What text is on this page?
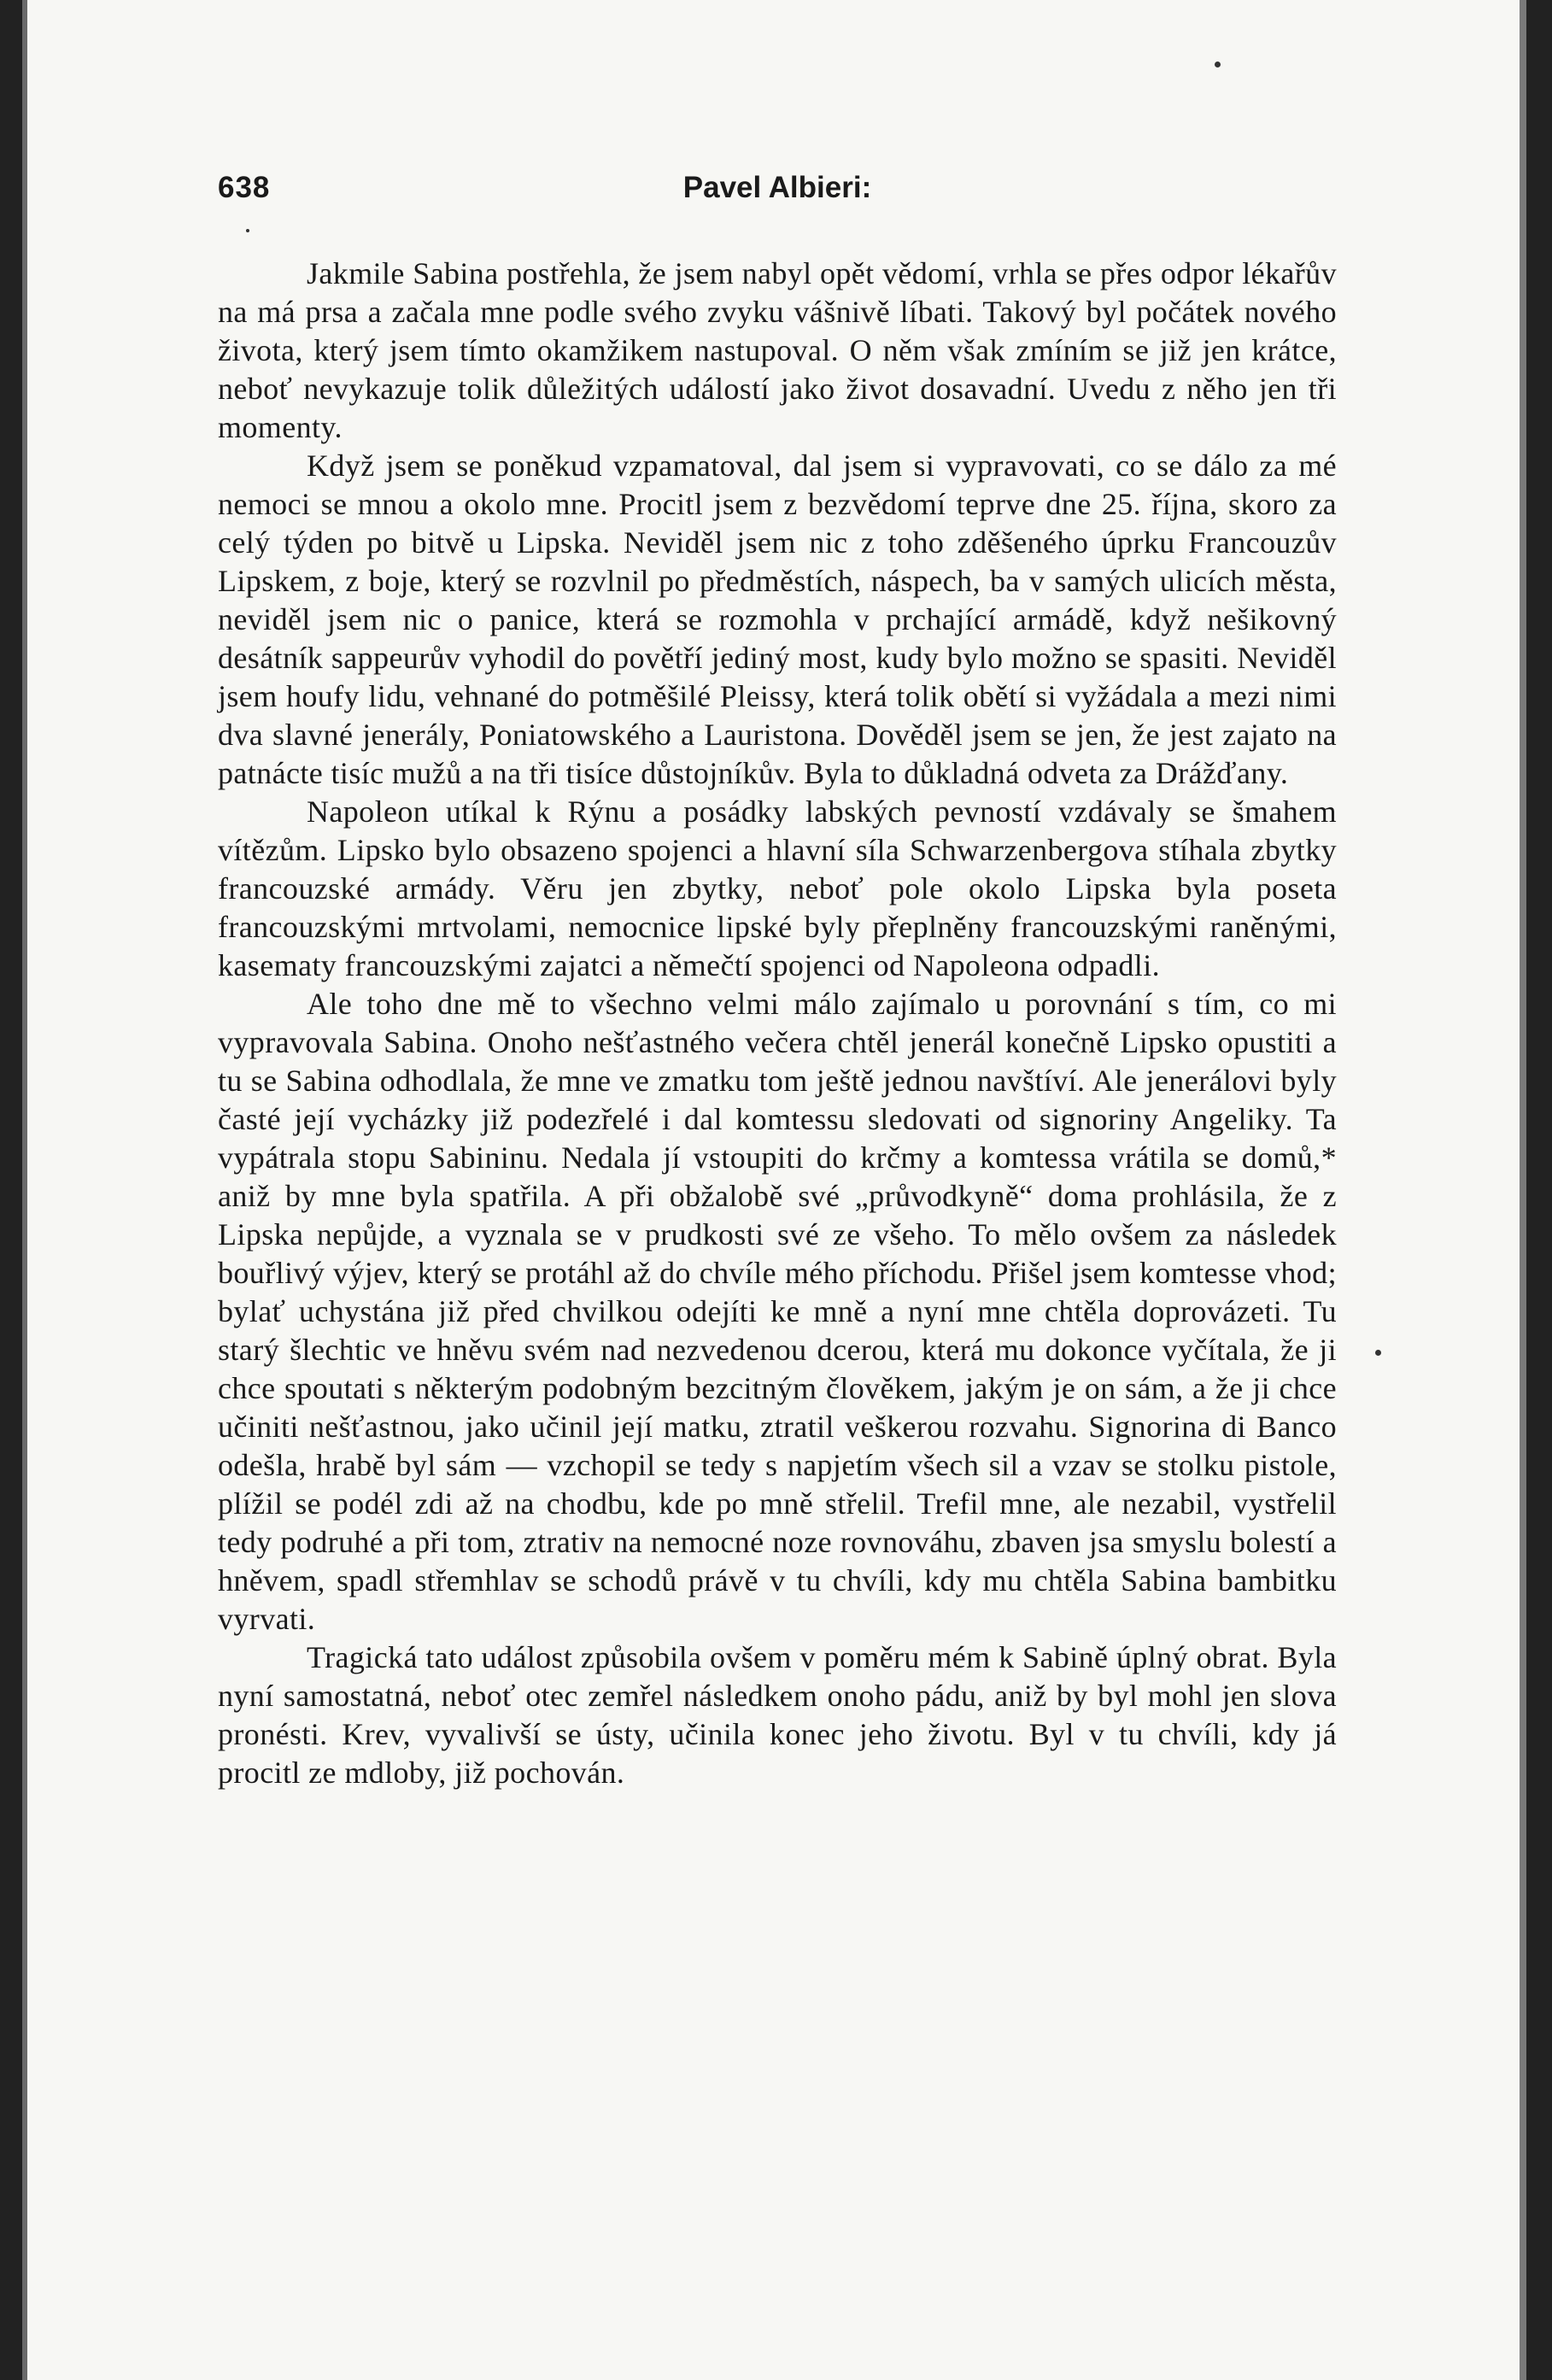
638	Pavel Albieri:

Jakmile Sabina postřehla, že jsem nabyl opět vědomí, vrhla se přes odpor lékařův na má prsa a začala mne podle svého zvyku vášnivě líbati. Takový byl počátek nového života, který jsem tímto okamžikem nastupoval. O něm však zmíním se již jen krátce, neboť nevykazuje tolik důležitých událostí jako život dosavadní. Uvedu z něho jen tři momenty.

Když jsem se poněkud vzpamatoval, dal jsem si vypravovati, co se dálo za mé nemoci se mnou a okolo mne. Procitl jsem z bezvědomí teprve dne 25. října, skoro za celý týden po bitvě u Lipska. Neviděl jsem nic z toho zděšeného úprku Francouzův Lipskem, z boje, který se rozvlnil po předměstích, náspech, ba v samých ulicích města, neviděl jsem nic o panice, která se rozmohla v prchající armádě, když nešikovný desátník sappeurův vyhodil do povětří jediný most, kudy bylo možno se spasiti. Neviděl jsem houfy lidu, vehnané do potměšilé Pleissy, která tolik obětí si vyžádala a mezi nimi dva slavné jenerály, Poniatowského a Lauristona. Dověděl jsem se jen, že jest zajato na patnácte tisíc mužů a na tři tisíce důstojníkův. Byla to důkladná odveta za Drážďany.

Napoleon utíkal k Rýnu a posádky labských pevností vzdávaly se šmahem vítězům. Lipsko bylo obsazeno spojenci a hlavní síla Schwarzenbergova stíhala zbytky francouzské armády. Věru jen zbytky, neboť pole okolo Lipska byla poseta francouzskými mrtvolami, nemocnice lipské byly přeplněny francouzskými raněnými, kasematy francouzskými zajatci a němečtí spojenci od Napoleona odpadli.

Ale toho dne mě to všechno velmi málo zajímalo u porovnání s tím, co mi vypravovala Sabina. Onoho nešťastného večera chtěl jenerál konečně Lipsko opustiti a tu se Sabina odhodlala, že mne ve zmatku tom ještě jednou navštíví. Ale jenerálovi byly časté její vycházky již podezřelé i dal komtessu sledovati od signoriny Angeliky. Ta vypátrala stopu Sabininu. Nedala jí vstoupiti do krčmy a komtessa vrátila se domů,* aniž by mne byla spatřila. A při obžalobě své „průvodkyně“ doma prohlásila, že z Lipska nepůjde, a vyznala se v prudkosti své ze všeho. To mělo ovšem za následek bouřlivý výjev, který se protáhl až do chvíle mého příchodu. Přišel jsem komtesse vhod; bylať uchystána již před chvilkou odejíti ke mně a nyní mne chtěla doprovázeti. Tu starý šlechtic ve hněvu svém nad nezvedenou dcerou, která mu dokonce vyčítala, že ji chce spoutati s některým podobným bezcitným člověkem, jakým je on sám, a že ji chce učiniti nešťastnou, jako učinil její matku, ztratil veškerou rozvahu. Signorina di Banco odešla, hrabě byl sám — vzchopil se tedy s napjetím všech sil a vzav se stolku pistole, plížil se podél zdi až na chodbu, kde po mně střelil. Trefil mne, ale nezabil, vystřelil tedy podruhé a při tom, ztrativ na nemocné noze rovnováhu, zbaven jsa smyslu bolestí a hněvem, spadl střemhlav se schodů právě v tu chvíli, kdy mu chtěla Sabina bambitku vyrvati.

Tragická tato událost způsobila ovšem v poměru mém k Sabině úplný obrat. Byla nyní samostatná, neboť otec zemřel následkem onoho pádu, aniž by byl mohl jen slova pronésti. Krev, vyvalivší se ústy, učinila konec jeho životu. Byl v tu chvíli, kdy já procitl ze mdloby, již pochován.
